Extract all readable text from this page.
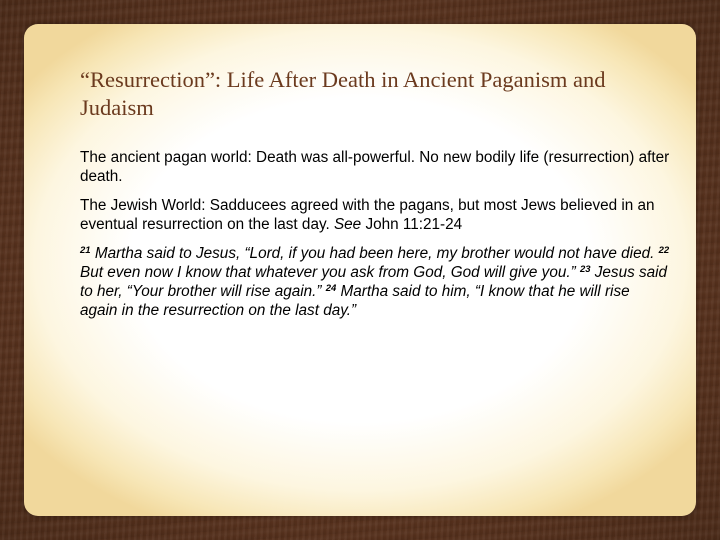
“Resurrection”: Life After Death in Ancient Paganism and Judaism

The ancient pagan world: Death was all-powerful. No new bodily life (resurrection) after death.

The Jewish World: Sadducees agreed with the pagans, but most Jews believed in an eventual resurrection on the last day. See John 11:21-24

$^{21}$ Martha said to Jesus, “Lord, if you had been here, my brother would not have died. $^{22}$ But even now I know that whatever you ask from God, God will give you.” $^{23}$ Jesus said to her, “Your brother will rise again.” $^{24}$ Martha said to him, “I know that he will rise again in the resurrection on the last day.”
